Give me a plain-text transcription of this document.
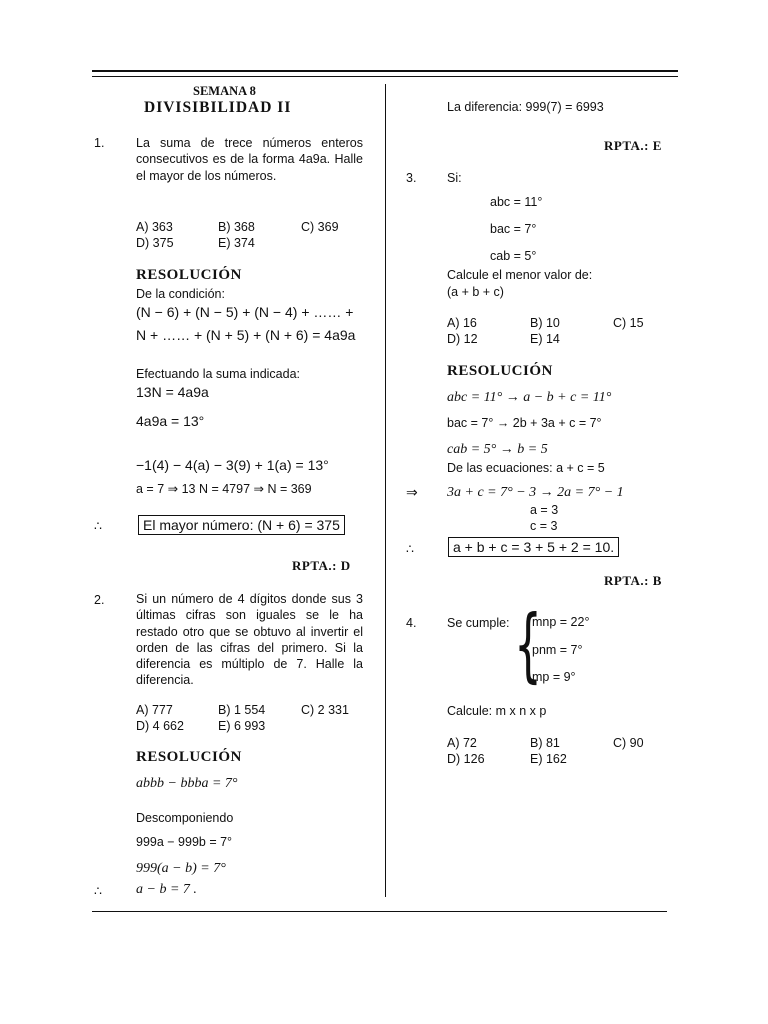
SEMANA 8
DIVISIBILIDAD II
1.	La suma de trece números enteros consecutivos es de la forma 4a9a. Halle el mayor de los números.
A) 363	B) 368	C) 369
D) 375	E) 374
RESOLUCIÓN
De la condición:
(N − 6) + (N − 5) + (N − 4) + …… +
N + …… + (N + 5) + (N + 6) = 4a9a
Efectuando la suma indicada:
13N = 4a9a
4a9a = 13°
−1(4) − 4(a) − 3(9) + 1(a) = 13°
a = 7 ⇒ 13 N = 4797 ⇒ N = 369
∴	El mayor número: (N + 6) = 375
RPTA.: D
2.	Si un número de 4 dígitos donde sus 3 últimas cifras son iguales se le ha restado otro que se obtuvo al invertir el orden de las cifras del primero. Si la diferencia es múltiplo de 7. Halle la diferencia.
A) 777	B) 1 554	C) 2 331
D) 4 662	E) 6 993
RESOLUCIÓN
abbb − bbba = 7°
Descomponiendo
999a − 999b = 7°
999(a − b) = 7°
∴ a − b = 7 .
La diferencia: 999(7) = 6993
RPTA.: E
3. Si:
abc = 11°
bac = 7°
cab = 5°
Calcule el menor valor de:
(a + b + c)
A) 16	B) 10	C) 15
D) 12	E) 14
RESOLUCIÓN
abc = 11° → a − b + c = 11°
bac = 7° → 2b + 3a + c = 7°
cab = 5° → b = 5
De las ecuaciones: a + c = 5
⇒ 3a + c = 7° − 3 → 2a = 7° − 1
a = 3
c = 3
∴	a + b + c = 3 + 5 + 2 = 10.
RPTA.: B
4. Se cumple: {
mnp = 22°
pnm = 7°
mp = 9°
Calcule: m x n x p
A) 72	B) 81	C) 90
D) 126	E) 162
